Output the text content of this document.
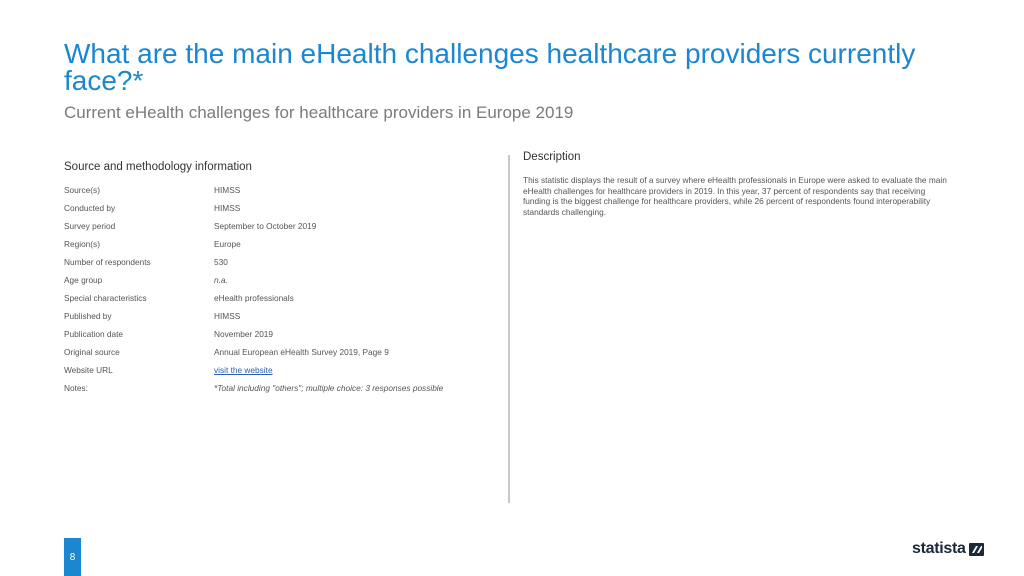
What are the main eHealth challenges healthcare providers currently face?*
Current eHealth challenges for healthcare providers in Europe 2019
Source and methodology information
Source(s)	HIMSS
Conducted by	HIMSS
Survey period	September to October 2019
Region(s)	Europe
Number of respondents	530
Age group	n.a.
Special characteristics	eHealth professionals
Published by	HIMSS
Publication date	November 2019
Original source	Annual European eHealth Survey 2019, Page 9
Website URL	visit the website
Notes:	*Total including "others"; multiple choice: 3 responses possible
Description

This statistic displays the result of a survey where eHealth professionals in Europe were asked to evaluate the main eHealth challenges for healthcare providers in 2019. In this year, 37 percent of respondents say that receiving funding is the biggest challenge for healthcare providers, while 26 percent of respondents found interoperability standards challenging.

8	statista
